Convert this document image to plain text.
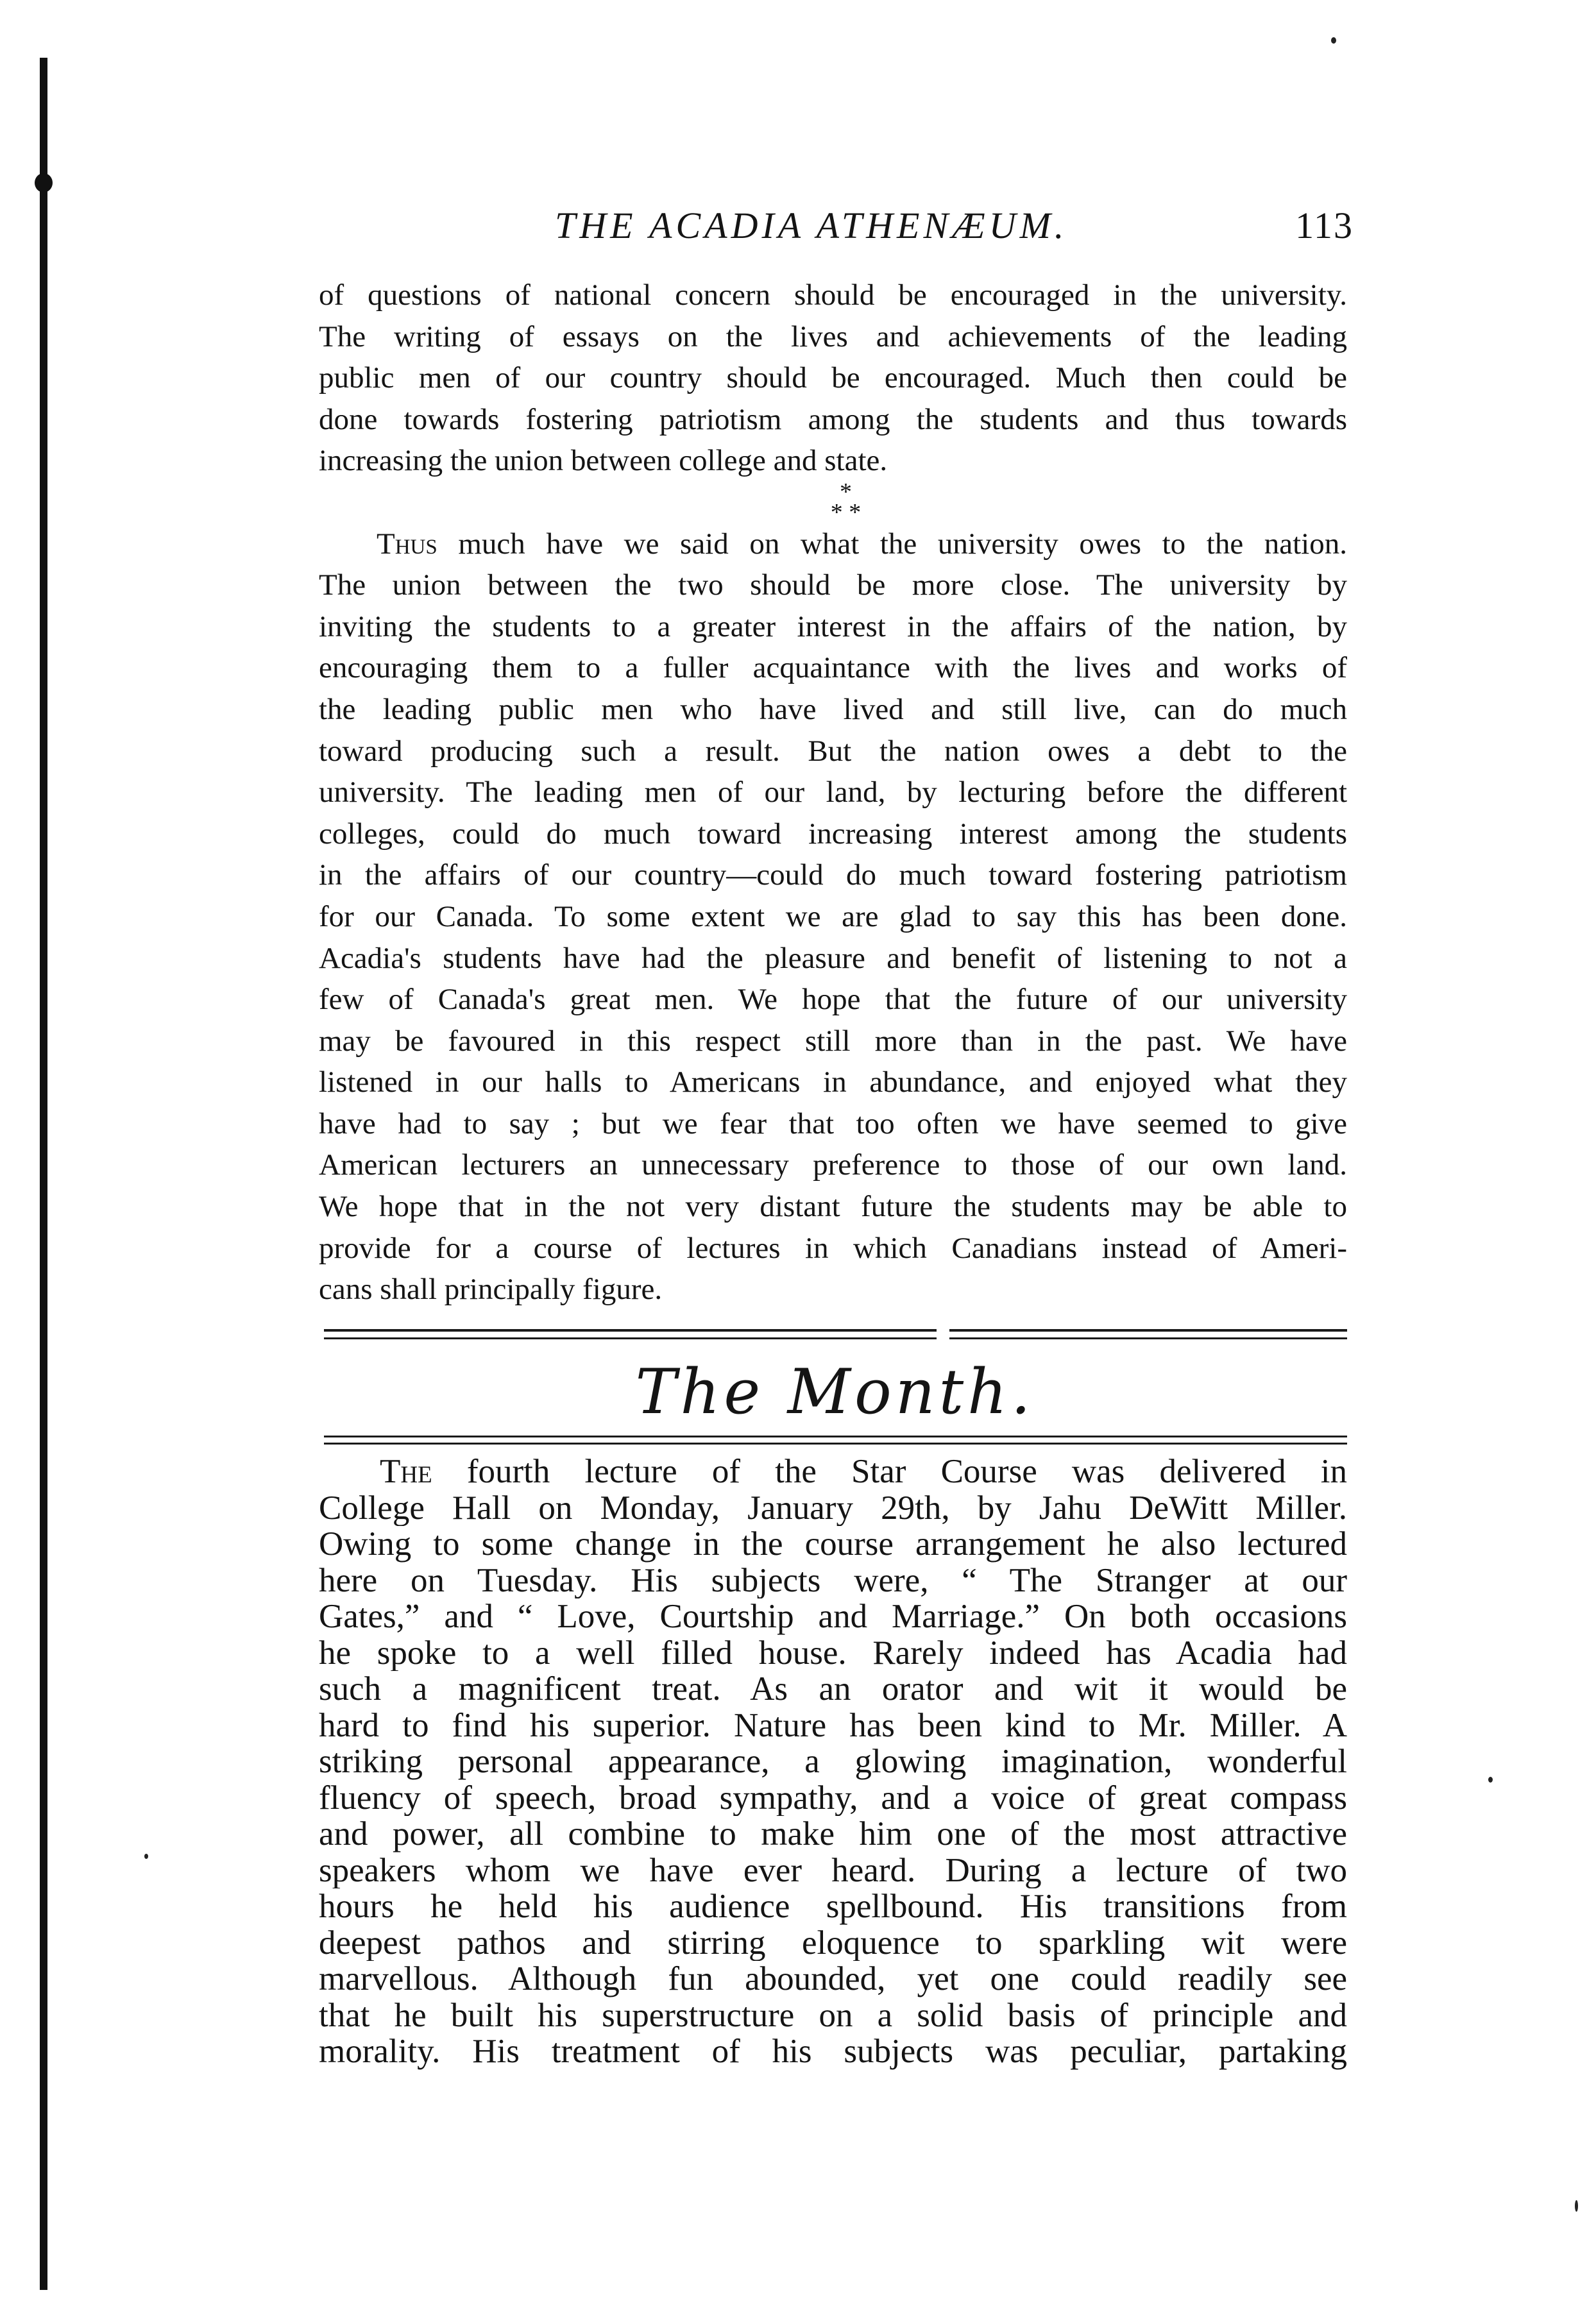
THE ACADIA ATHENÆUM.	113
of questions of national concern should be encouraged in the university.
The writing of essays on the lives and achievements of the leading
public men of our country should be encouraged. Much then could be
done towards fostering patriotism among the students and thus towards
increasing the union between college and state.
*
* *
Thus much have we said on what the university owes to the nation.
The union between the two should be more close. The university by
inviting the students to a greater interest in the affairs of the nation, by
encouraging them to a fuller acquaintance with the lives and works of
the leading public men who have lived and still live, can do much
toward producing such a result. But the nation owes a debt to the
university. The leading men of our land, by lecturing before the different
colleges, could do much toward increasing interest among the students
in the affairs of our country—could do much toward fostering patriotism
for our Canada. To some extent we are glad to say this has been done.
Acadia's students have had the pleasure and benefit of listening to not a
few of Canada's great men. We hope that the future of our university
may be favoured in this respect still more than in the past. We have
listened in our halls to Americans in abundance, and enjoyed what they
have had to say ; but we fear that too often we have seemed to give
American lecturers an unnecessary preference to those of our own land.
We hope that in the not very distant future the students may be able to
provide for a course of lectures in which Canadians instead of Ameri-
cans shall principally figure.
The Month.
The fourth lecture of the Star Course was delivered in
College Hall on Monday, January 29th, by Jahu DeWitt Miller.
Owing to some change in the course arrangement he also lectured
here on Tuesday. His subjects were, “ The Stranger at our
Gates,” and “ Love, Courtship and Marriage.” On both occasions
he spoke to a well filled house. Rarely indeed has Acadia had
such a magnificent treat. As an orator and wit it would be
hard to find his superior. Nature has been kind to Mr. Miller. A
striking personal appearance, a glowing imagination, wonderful
fluency of speech, broad sympathy, and a voice of great compass
and power, all combine to make him one of the most attractive
speakers whom we have ever heard. During a lecture of two
hours he held his audience spellbound. His transitions from
deepest pathos and stirring eloquence to sparkling wit were
marvellous. Although fun abounded, yet one could readily see
that he built his superstructure on a solid basis of principle and
morality. His treatment of his subjects was peculiar, partaking
